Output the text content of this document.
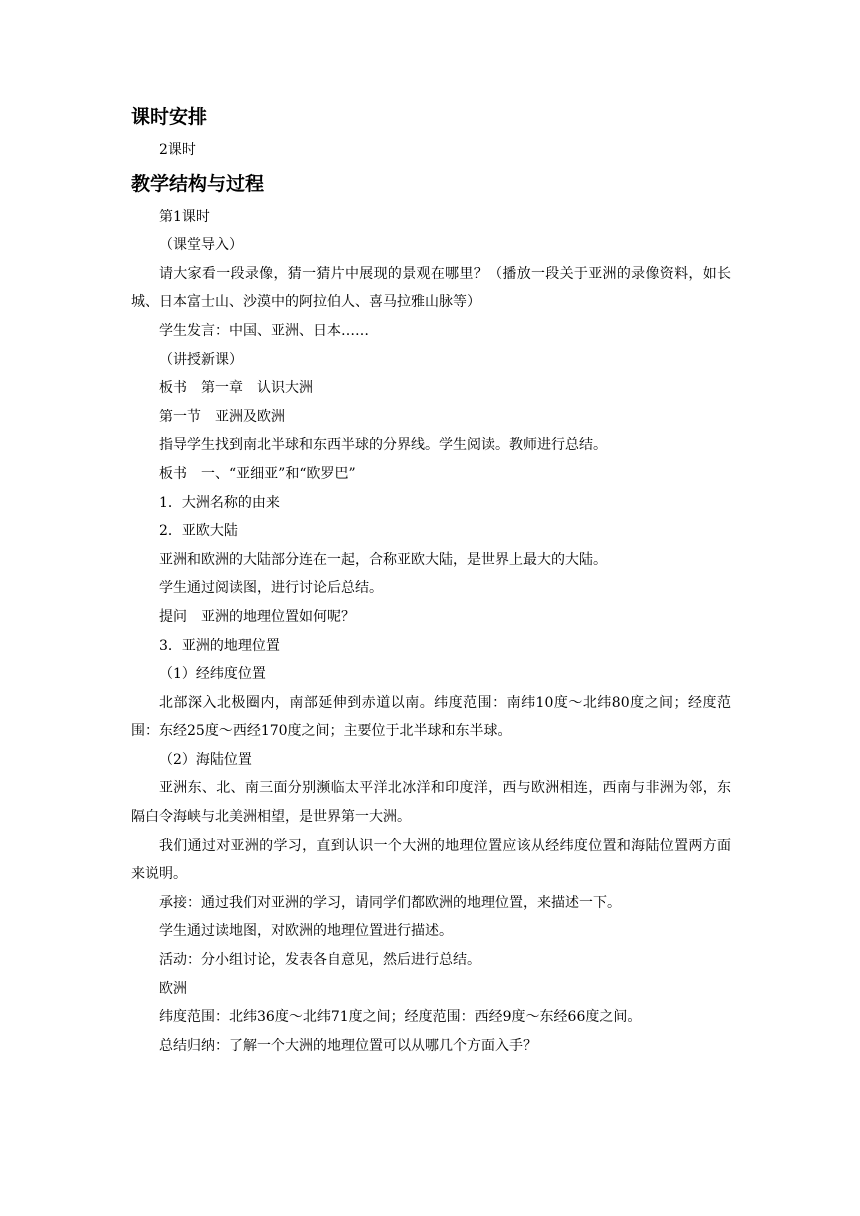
课时安排

2课时

教学结构与过程

第1课时

（课堂导入）

请大家看一段录像，猜一猜片中展现的景观在哪里？（播放一段关于亚洲的录像资料，如长城、日本富士山、沙漠中的阿拉伯人、喜马拉雅山脉等）

学生发言：中国、亚洲、日本……

（讲授新课）

板书　第一章　认识大洲

第一节　亚洲及欧洲

指导学生找到南北半球和东西半球的分界线。学生阅读。教师进行总结。

板书　一、“亚细亚”和“欧罗巴”

1．大洲名称的由来

2．亚欧大陆

亚洲和欧洲的大陆部分连在一起，合称亚欧大陆，是世界上最大的大陆。

学生通过阅读图，进行讨论后总结。

提问　亚洲的地理位置如何呢？

3．亚洲的地理位置

（1）经纬度位置

北部深入北极圈内，南部延伸到赤道以南。纬度范围：南纬10度～北纬80度之间；经度范围：东经25度～西经170度之间；主要位于北半球和东半球。

（2）海陆位置

亚洲东、北、南三面分别濒临太平洋北冰洋和印度洋，西与欧洲相连，西南与非洲为邻，东隔白令海峡与北美洲相望，是世界第一大洲。

我们通过对亚洲的学习，直到认识一个大洲的地理位置应该从经纬度位置和海陆位置两方面来说明。

承接：通过我们对亚洲的学习，请同学们都欧洲的地理位置，来描述一下。

学生通过读地图，对欧洲的地理位置进行描述。

活动：分小组讨论，发表各自意见，然后进行总结。

欧洲

纬度范围：北纬36度～北纬71度之间；经度范围：西经9度～东经66度之间。

总结归纳：了解一个大洲的地理位置可以从哪几个方面入手？
